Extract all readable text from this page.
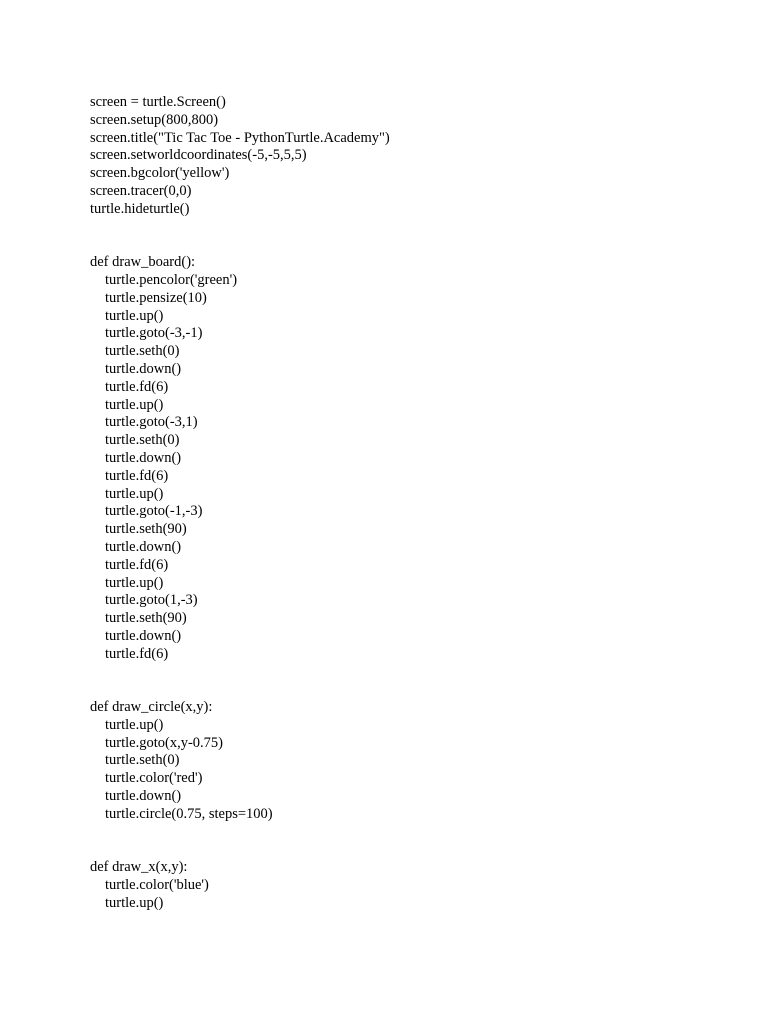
screen = turtle.Screen()
screen.setup(800,800)
screen.title("Tic Tac Toe - PythonTurtle.Academy")
screen.setworldcoordinates(-5,-5,5,5)
screen.bgcolor('yellow')
screen.tracer(0,0)
turtle.hideturtle()
def draw_board():
turtle.pencolor('green')
turtle.pensize(10)
turtle.up()
turtle.goto(-3,-1)
turtle.seth(0)
turtle.down()
turtle.fd(6)
turtle.up()
turtle.goto(-3,1)
turtle.seth(0)
turtle.down()
turtle.fd(6)
turtle.up()
turtle.goto(-1,-3)
turtle.seth(90)
turtle.down()
turtle.fd(6)
turtle.up()
turtle.goto(1,-3)
turtle.seth(90)
turtle.down()
turtle.fd(6)
def draw_circle(x,y):
turtle.up()
turtle.goto(x,y-0.75)
turtle.seth(0)
turtle.color('red')
turtle.down()
turtle.circle(0.75, steps=100)
def draw_x(x,y):
turtle.color('blue')
turtle.up()
